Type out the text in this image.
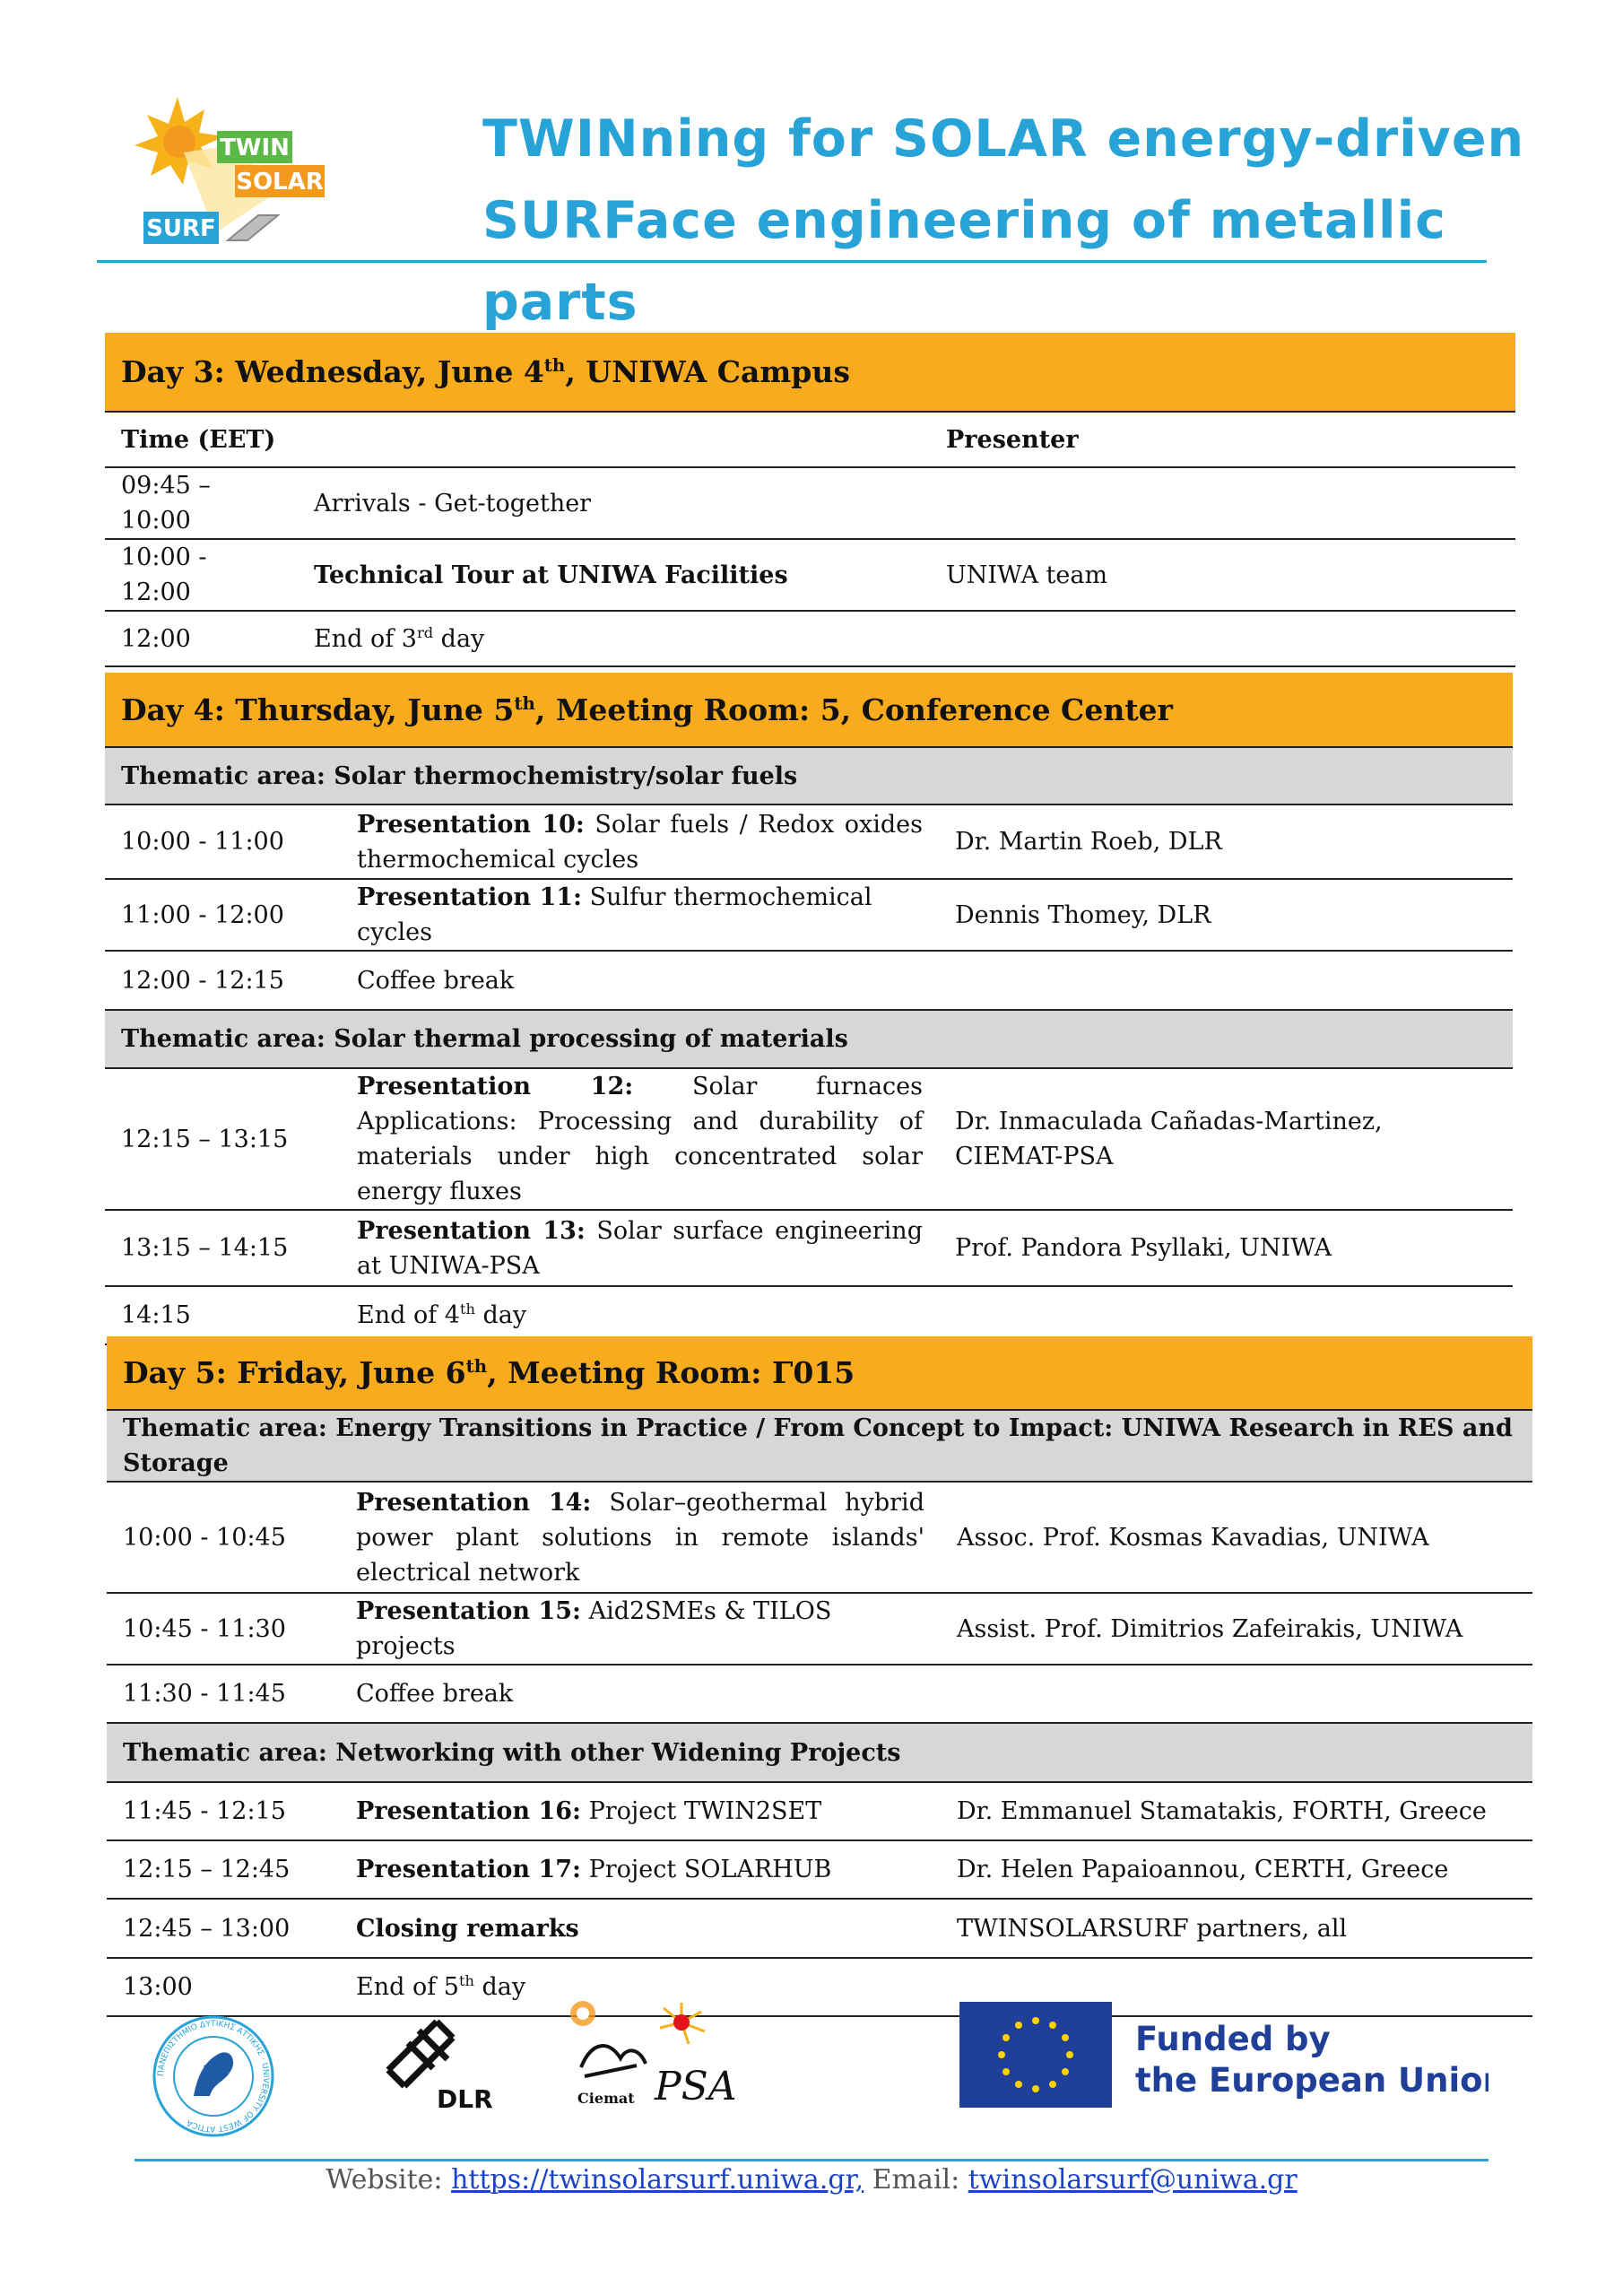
TWIN
SOLAR
SURF
TWINning for SOLAR energy-driven
SURFace engineering of metallic parts
Day 3: Wednesday, June 4th, UNIWA Campus		
Time (EET)		Presenter
09:45 – 10:00	Arrivals - Get-together	
10:00 - 12:00	Technical Tour at UNIWA Facilities	UNIWA team
12:00	End of 3rd day	
Day 4: Thursday, June 5th, Meeting Room: 5, Conference Center		
Thematic area: Solar thermochemistry/solar fuels		
10:00 - 11:00	Presentation 10: Solar fuels / Redox oxides thermochemical cycles	Dr. Martin Roeb, DLR
11:00 - 12:00	Presentation 11: Sulfur thermochemical cycles	Dennis Thomey, DLR
12:00 - 12:15	Coffee break	
Thematic area: Solar thermal processing of materials		
12:15 – 13:15	Presentation 12: Solar furnaces Applications: Processing and durability of materials under high concentrated solar energy fluxes	Dr. Inmaculada Cañadas-Martinez, CIEMAT-PSA
13:15 – 14:15	Presentation 13: Solar surface engineering at UNIWA-PSA	Prof. Pandora Psyllaki, UNIWA
14:15	End of 4th day	
Day 5: Friday, June 6th, Meeting Room: Γ015		
Thematic area: Energy Transitions in Practice / From Concept to Impact: UNIWA Research in RES and Storage		
10:00 - 10:45	Presentation 14: Solar–geothermal hybrid power plant solutions in remote islands' electrical network	Assoc. Prof. Kosmas Kavadias, UNIWA
10:45 - 11:30	Presentation 15: Aid2SMEs & TILOS projects	Assist. Prof. Dimitrios Zafeirakis, UNIWA
11:30 - 11:45	Coffee break	
Thematic area: Networking with other Widening Projects		
11:45 - 12:15	Presentation 16: Project TWIN2SET	Dr. Emmanuel Stamatakis, FORTH, Greece
12:15 – 12:45	Presentation 17: Project SOLARHUB	Dr. Helen Papaioannou, CERTH, Greece
12:45 – 13:00	Closing remarks	TWINSOLARSURF partners, all
13:00	End of 5th day	
ΠΑΝΕΠΙΣΤΗΜΙΟ ΔΥΤΙΚΗΣ ΑΤΤΙΚΗΣ · UNIVERSITY OF WEST ATTICA
DLR	Ciemat PSA
Funded by
the European Union
Website: https://twinsolarsurf.uniwa.gr, Email: twinsolarsurf@uniwa.gr
